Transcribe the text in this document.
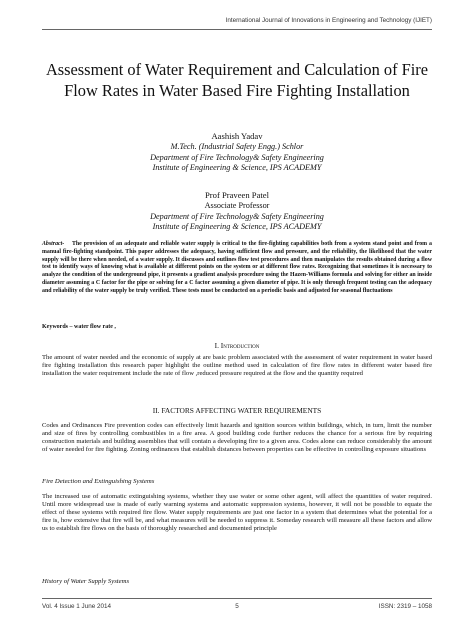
International Journal of Innovations in Engineering and Technology (IJIET)
Assessment of Water Requirement and Calculation of Fire Flow Rates in Water Based Fire Fighting Installation
Aashish Yadav
M.Tech. (Industrial Safety Engg.) Schlor
Department of Fire Technology& Safety Engineering
Institute of Engineering & Science, IPS ACADEMY
Prof Praveen Patel
Associate Professor
Department of Fire Technology& Safety Engineering
Institute of Engineering & Science, IPS ACADEMY
Abstract- The provision of an adequate and reliable water supply is critical to the fire-fighting capabilities both from a system stand point and from a manual fire-fighting standpoint. This paper addresses the adequacy, having sufficient flow and pressure, and the reliability, the likelihood that the water supply will be there when needed, of a water supply. It discusses and outlines flow test procedures and then manipulates the results obtained during a flow test to identify ways of knowing what is available at different points on the system or at different flow rates. Recognizing that sometimes it is necessary to analyze the condition of the underground pipe, it presents a gradient analysis procedure using the Hazen-Williams formula and solving for either an inside diameter assuming a C factor for the pipe or solving for a C factor assuming a given diameter of pipe. It is only through frequent testing can the adequacy and reliability of the water supply be truly verified. These tests must be conducted on a periodic basis and adjusted for seasonal fluctuations
Keywords – water flow rate ,
I. Introduction
The amount of water needed and the economic of supply at are basic problem associated with the assessment of water requirement in water based fire fighting installation this research paper highlight the outline method used in calculation of fire flow rates in different water based fire installation the water requirement include the rate of flow ,reduced pressure required at the flow and the quantity required
II. FACTORS AFFECTING WATER REQUIREMENTS
Codes and Ordinances Fire prevention codes can effectively limit hazards and ignition sources within buildings, which, in turn, limit the number and size of fires by controlling combustibles in a fire area. A good building code further reduces the chance for a serious fire by requiring construction materials and building assemblies that will contain a developing fire to a given area. Codes alone can reduce considerably the amount of water needed for fire fighting. Zoning ordinances that establish distances between properties can be effective in controlling exposure situations
Fire Detection and Extinguishing Systems
The increased use of automatic extinguishing systems, whether they use water or some other agent, will affect the quantities of water required. Until more widespread use is made of early warning systems and automatic suppression systems, however, it will not be possible to equate the effect of these systems with required fire flow. Water supply requirements are just one factor in a system that determines what the potential for a fire is, how extensive that fire will be, and what measures will be needed to suppress it. Someday research will measure all these factors and allow us to establish fire flows on the basis of thoroughly researched and documented principle
History of Water Supply Systems
Vol. 4 Issue 1 June 2014	5	ISSN: 2319 – 1058
